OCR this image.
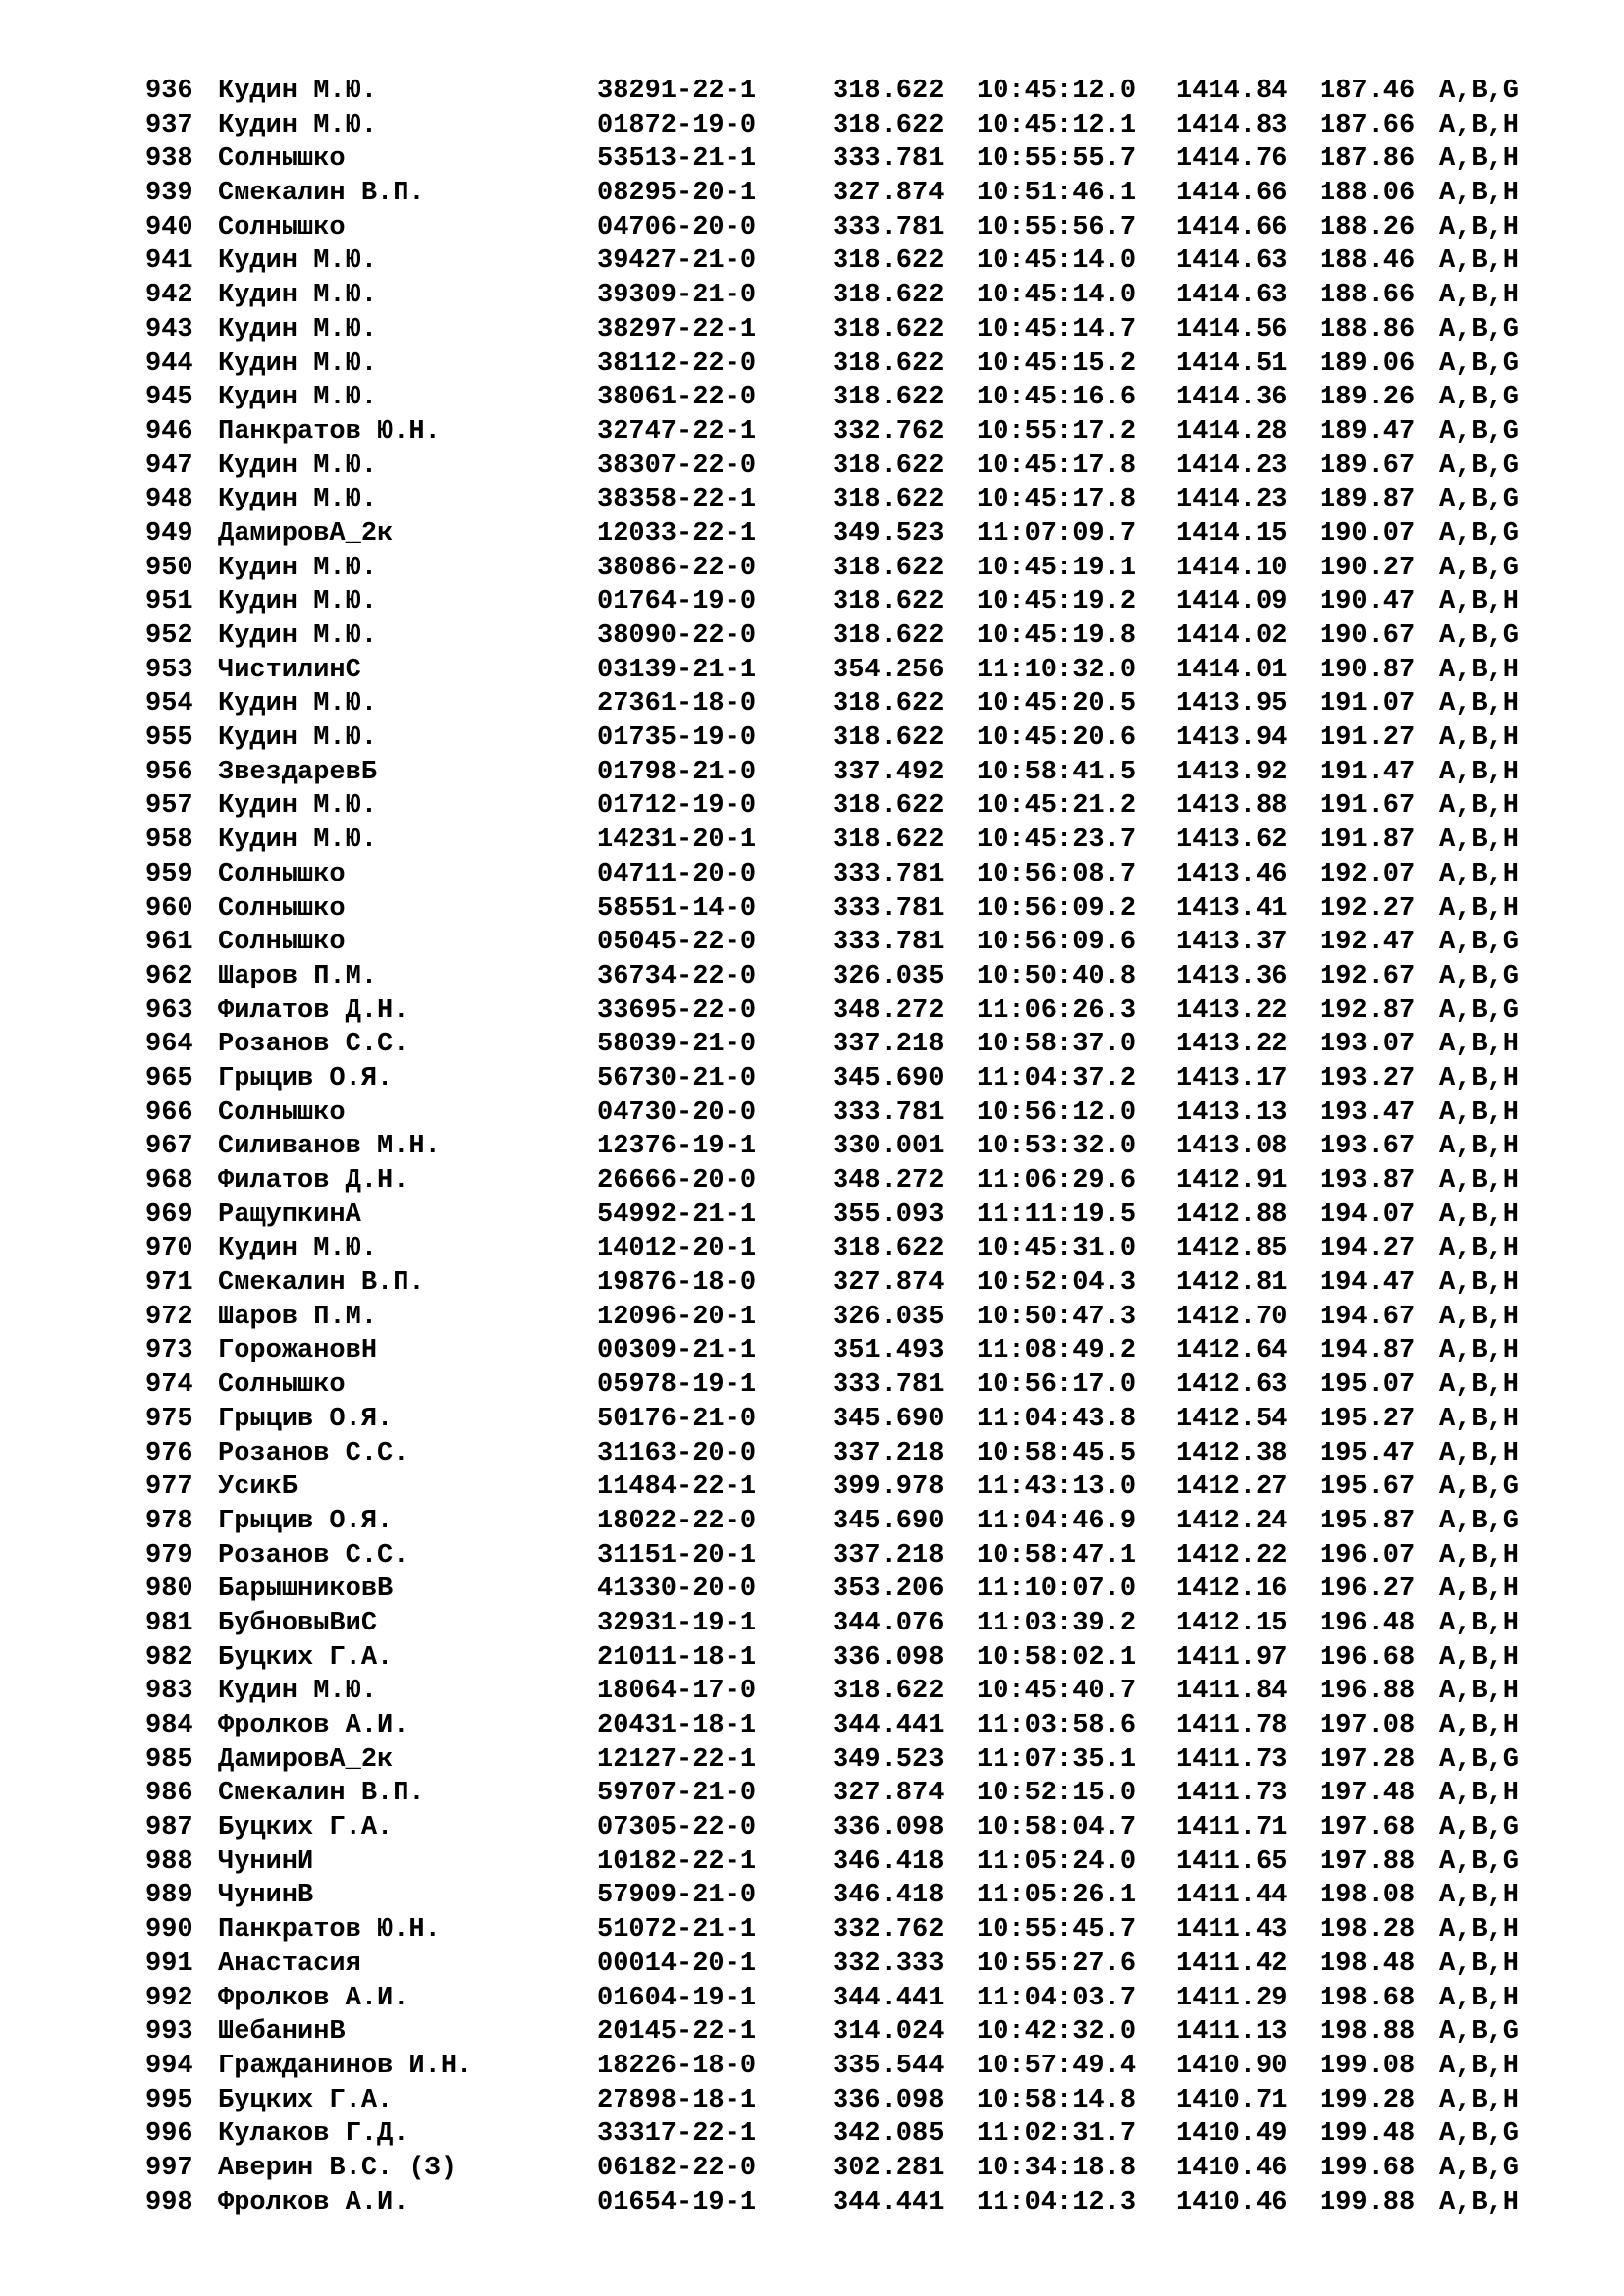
936 Кудин М.Ю.	38291-22-1	318.622 10:45:12.0 1414.84 187.46 A,B,G
937 Кудин М.Ю.	01872-19-0	318.622 10:45:12.1 1414.83 187.66 A,B,H
938 Солнышко	53513-21-1	333.781 10:55:55.7 1414.76 187.86 A,B,H
939 Смекалин В.П.	08295-20-1	327.874 10:51:46.1 1414.66 188.06 A,B,H
940 Солнышко	04706-20-0	333.781 10:55:56.7 1414.66 188.26 A,B,H
941 Кудин М.Ю.	39427-21-0	318.622 10:45:14.0 1414.63 188.46 A,B,H
942 Кудин М.Ю.	39309-21-0	318.622 10:45:14.0 1414.63 188.66 A,B,H
943 Кудин М.Ю.	38297-22-1	318.622 10:45:14.7 1414.56 188.86 A,B,G
944 Кудин М.Ю.	38112-22-0	318.622 10:45:15.2 1414.51 189.06 A,B,G
945 Кудин М.Ю.	38061-22-0	318.622 10:45:16.6 1414.36 189.26 A,B,G
946 Панкратов Ю.Н.	32747-22-1	332.762 10:55:17.2 1414.28 189.47 A,B,G
947 Кудин М.Ю.	38307-22-0	318.622 10:45:17.8 1414.23 189.67 A,B,G
948 Кудин М.Ю.	38358-22-1	318.622 10:45:17.8 1414.23 189.87 A,B,G
949 ДамировА_2к	12033-22-1	349.523 11:07:09.7 1414.15 190.07 A,B,G
950 Кудин М.Ю.	38086-22-0	318.622 10:45:19.1 1414.10 190.27 A,B,G
951 Кудин М.Ю.	01764-19-0	318.622 10:45:19.2 1414.09 190.47 A,B,H
952 Кудин М.Ю.	38090-22-0	318.622 10:45:19.8 1414.02 190.67 A,B,G
953 ЧистилинС	03139-21-1	354.256 11:10:32.0 1414.01 190.87 A,B,H
954 Кудин М.Ю.	27361-18-0	318.622 10:45:20.5 1413.95 191.07 A,B,H
955 Кудин М.Ю.	01735-19-0	318.622 10:45:20.6 1413.94 191.27 A,B,H
956 ЗвездаревБ	01798-21-0	337.492 10:58:41.5 1413.92 191.47 A,B,H
957 Кудин М.Ю.	01712-19-0	318.622 10:45:21.2 1413.88 191.67 A,B,H
958 Кудин М.Ю.	14231-20-1	318.622 10:45:23.7 1413.62 191.87 A,B,H
959 Солнышко	04711-20-0	333.781 10:56:08.7 1413.46 192.07 A,B,H
960 Солнышко	58551-14-0	333.781 10:56:09.2 1413.41 192.27 A,B,H
961 Солнышко	05045-22-0	333.781 10:56:09.6 1413.37 192.47 A,B,G
962 Шаров П.М.	36734-22-0	326.035 10:50:40.8 1413.36 192.67 A,B,G
963 Филатов Д.Н.	33695-22-0	348.272 11:06:26.3 1413.22 192.87 A,B,G
964 Розанов С.С.	58039-21-0	337.218 10:58:37.0 1413.22 193.07 A,B,H
965 Грыцив О.Я.	56730-21-0	345.690 11:04:37.2 1413.17 193.27 A,B,H
966 Солнышко	04730-20-0	333.781 10:56:12.0 1413.13 193.47 A,B,H
967 Силиванов М.Н.	12376-19-1	330.001 10:53:32.0 1413.08 193.67 A,B,H
968 Филатов Д.Н.	26666-20-0	348.272 11:06:29.6 1412.91 193.87 A,B,H
969 РащупкинА	54992-21-1	355.093 11:11:19.5 1412.88 194.07 A,B,H
970 Кудин М.Ю.	14012-20-1	318.622 10:45:31.0 1412.85 194.27 A,B,H
971 Смекалин В.П.	19876-18-0	327.874 10:52:04.3 1412.81 194.47 A,B,H
972 Шаров П.М.	12096-20-1	326.035 10:50:47.3 1412.70 194.67 A,B,H
973 ГорожановН	00309-21-1	351.493 11:08:49.2 1412.64 194.87 A,B,H
974 Солнышко	05978-19-1	333.781 10:56:17.0 1412.63 195.07 A,B,H
975 Грыцив О.Я.	50176-21-0	345.690 11:04:43.8 1412.54 195.27 A,B,H
976 Розанов С.С.	31163-20-0	337.218 10:58:45.5 1412.38 195.47 A,B,H
977 УсикБ	11484-22-1	399.978 11:43:13.0 1412.27 195.67 A,B,G
978 Грыцив О.Я.	18022-22-0	345.690 11:04:46.9 1412.24 195.87 A,B,G
979 Розанов С.С.	31151-20-1	337.218 10:58:47.1 1412.22 196.07 A,B,H
980 БарышниковВ	41330-20-0	353.206 11:10:07.0 1412.16 196.27 A,B,H
981 БубновыВиС	32931-19-1	344.076 11:03:39.2 1412.15 196.48 A,B,H
982 Буцких Г.А.	21011-18-1	336.098 10:58:02.1 1411.97 196.68 A,B,H
983 Кудин М.Ю.	18064-17-0	318.622 10:45:40.7 1411.84 196.88 A,B,H
984 Фролков А.И.	20431-18-1	344.441 11:03:58.6 1411.78 197.08 A,B,H
985 ДамировА_2к	12127-22-1	349.523 11:07:35.1 1411.73 197.28 A,B,G
986 Смекалин В.П.	59707-21-0	327.874 10:52:15.0 1411.73 197.48 A,B,H
987 Буцких Г.А.	07305-22-0	336.098 10:58:04.7 1411.71 197.68 A,B,G
988 ЧунинИ	10182-22-1	346.418 11:05:24.0 1411.65 197.88 A,B,G
989 ЧунинВ	57909-21-0	346.418 11:05:26.1 1411.44 198.08 A,B,H
990 Панкратов Ю.Н.	51072-21-1	332.762 10:55:45.7 1411.43 198.28 A,B,H
991 Анастасия	00014-20-1	332.333 10:55:27.6 1411.42 198.48 A,B,H
992 Фролков А.И.	01604-19-1	344.441 11:04:03.7 1411.29 198.68 A,B,H
993 ШебанинВ	20145-22-1	314.024 10:42:32.0 1411.13 198.88 A,B,G
994 Гражданинов И.Н.	18226-18-0	335.544 10:57:49.4 1410.90 199.08 A,B,H
995 Буцких Г.А.	27898-18-1	336.098 10:58:14.8 1410.71 199.28 A,B,H
996 Кулаков Г.Д.	33317-22-1	342.085 11:02:31.7 1410.49 199.48 A,B,G
997 Аверин В.С. (З)	06182-22-0	302.281 10:34:18.8 1410.46 199.68 A,B,G
998 Фролков А.И.	01654-19-1	344.441 11:04:12.3 1410.46 199.88 A,B,H
